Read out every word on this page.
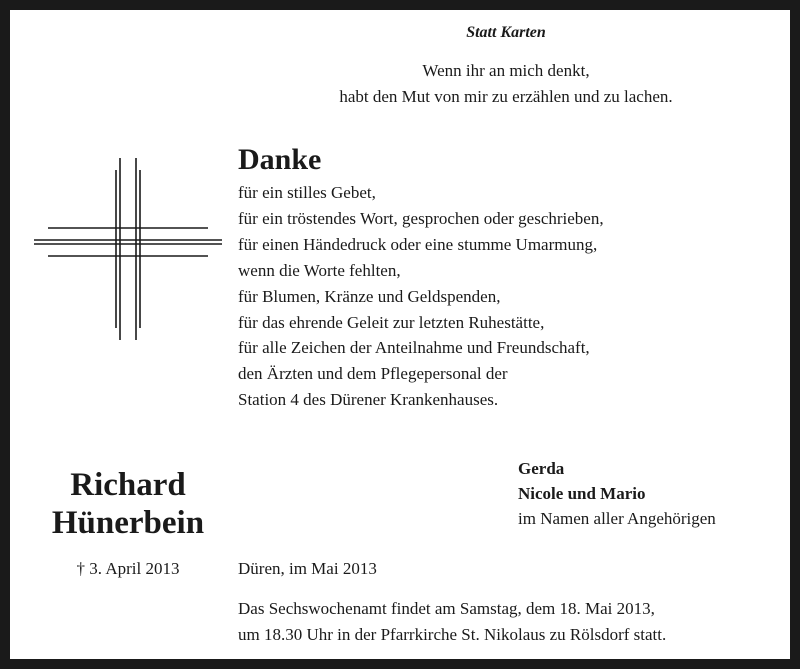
Statt Karten
Wenn ihr an mich denkt,
habt den Mut von mir zu erzählen und zu lachen.
Danke
für ein stilles Gebet,
für ein tröstendes Wort, gesprochen oder geschrieben,
für einen Händedruck oder eine stumme Umarmung,
wenn die Worte fehlten,
für Blumen, Kränze und Geldspenden,
für das ehrende Geleit zur letzten Ruhestätte,
für alle Zeichen der Anteilnahme und Freundschaft,
den Ärzten und dem Pflegepersonal der
Station 4 des Dürener Krankenhauses.
Richard
Hünerbein
† 3. April 2013
Gerda
Nicole und Mario
im Namen aller Angehörigen
Düren, im Mai 2013
Das Sechswochenamt findet am Samstag, dem 18. Mai 2013,
um 18.30 Uhr in der Pfarrkirche St. Nikolaus zu Rölsdorf statt.
